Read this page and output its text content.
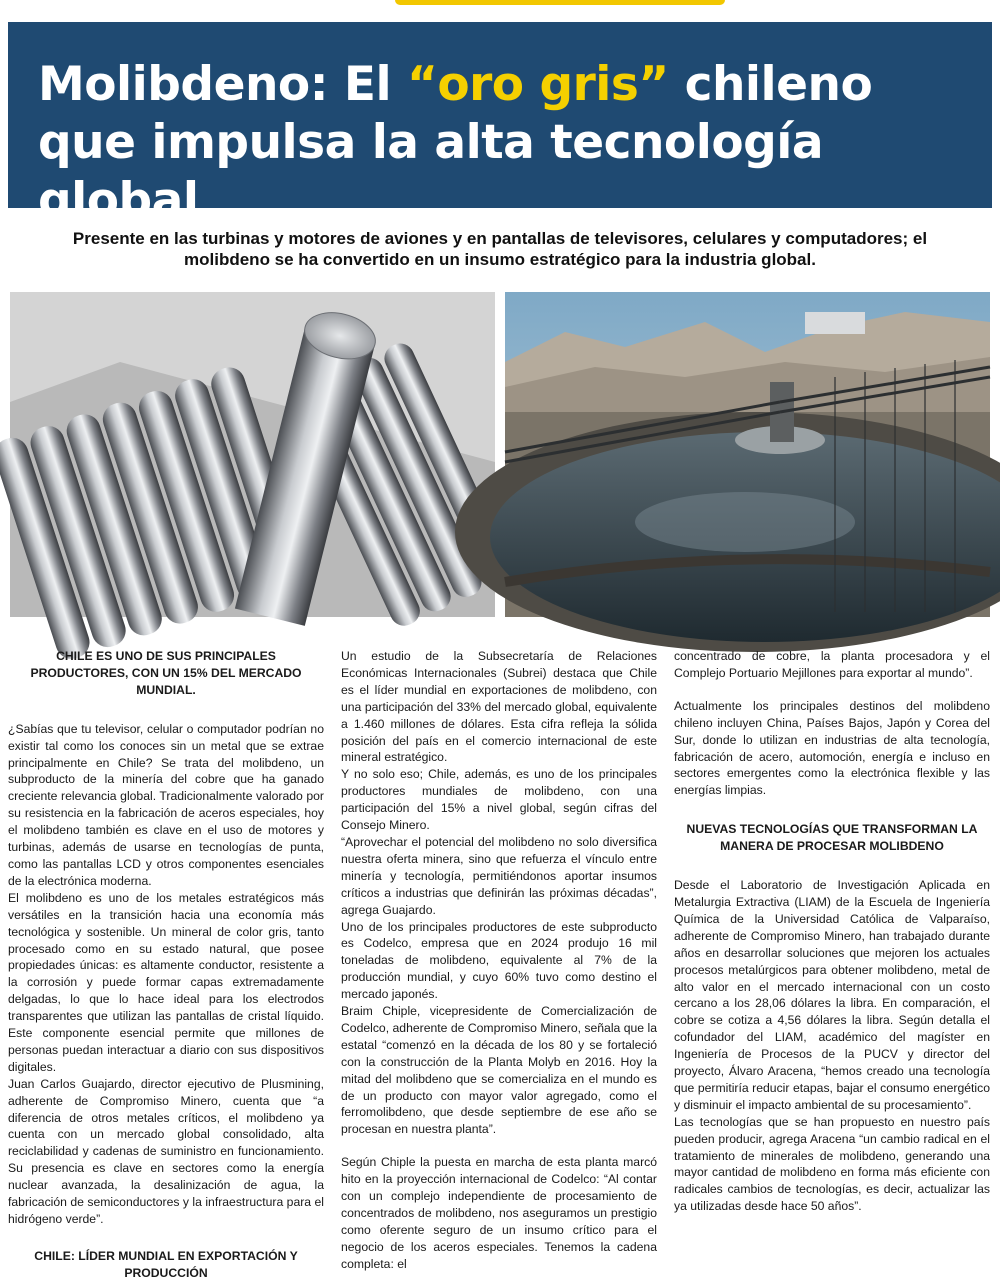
Molibdeno: El “oro gris” chileno que impulsa la alta tecnología global

Presente en las turbinas y motores de aviones y en pantallas de televisores, celulares y computadores; el molibdeno se ha convertido en un insumo estratégico para la industria global.

CHILE ES UNO DE SUS PRINCIPALES PRODUCTORES, CON UN 15% DEL MERCADO MUNDIAL.

¿Sabías que tu televisor, celular o computador podrían no existir tal como los conoces sin un metal que se extrae principalmente en Chile? Se trata del molibdeno, un subproducto de la minería del cobre que ha ganado creciente relevancia global. Tradicionalmente valorado por su resistencia en la fabricación de aceros especiales, hoy el molibdeno también es clave en el uso de motores y turbinas, además de usarse en tecnologías de punta, como las pantallas LCD y otros componentes esenciales de la electrónica moderna.

El molibdeno es uno de los metales estratégicos más versátiles en la transición hacia una economía más tecnológica y sostenible. Un mineral de color gris, tanto procesado como en su estado natural, que posee propiedades únicas: es altamente conductor, resistente a la corrosión y puede formar capas extremadamente delgadas, lo que lo hace ideal para los electrodos transparentes que utilizan las pantallas de cristal líquido. Este componente esencial permite que millones de personas puedan interactuar a diario con sus dispositivos digitales.

Juan Carlos Guajardo, director ejecutivo de Plusmining, adherente de Compromiso Minero, cuenta que “a diferencia de otros metales críticos, el molibdeno ya cuenta con un mercado global consolidado, alta reciclabilidad y cadenas de suministro en funcionamiento. Su presencia es clave en sectores como la energía nuclear avanzada, la desalinización de agua, la fabricación de semiconductores y la infraestructura para el hidrógeno verde”.

CHILE: LÍDER MUNDIAL EN EXPORTACIÓN Y PRODUCCIÓN

Un estudio de la Subsecretaría de Relaciones Económicas Internacionales (Subrei) destaca que Chile es el líder mundial en exportaciones de molibdeno, con una participación del 33% del mercado global, equivalente a 1.460 millones de dólares. Esta cifra refleja la sólida posición del país en el comercio internacional de este mineral estratégico.

Y no solo eso; Chile, además, es uno de los principales productores mundiales de molibdeno, con una participación del 15% a nivel global, según cifras del Consejo Minero.

“Aprovechar el potencial del molibdeno no solo diversifica nuestra oferta minera, sino que refuerza el vínculo entre minería y tecnología, permitiéndonos aportar insumos críticos a industrias que definirán las próximas décadas”, agrega Guajardo.

Uno de los principales productores de este subproducto es Codelco, empresa que en 2024 produjo 16 mil toneladas de molibdeno, equivalente al 7% de la producción mundial, y cuyo 60% tuvo como destino el mercado japonés.

Braim Chiple, vicepresidente de Comercialización de Codelco, adherente de Compromiso Minero, señala que la estatal “comenzó en la década de los 80 y se fortaleció con la construcción de la Planta Molyb en 2016. Hoy la mitad del molibdeno que se comercializa en el mundo es de un producto con mayor valor agregado, como el ferromolibdeno, que desde septiembre de ese año se procesan en nuestra planta”.

Según Chiple la puesta en marcha de esta planta marcó hito en la proyección internacional de Codelco: “Al contar con un complejo independiente de procesamiento de concentrados de molibdeno, nos aseguramos un prestigio como oferente seguro de un insumo crítico para el negocio de los aceros especiales. Tenemos la cadena completa: el

concentrado de cobre, la planta procesadora y el Complejo Portuario Mejillones para exportar al mundo”.

Actualmente los principales destinos del molibdeno chileno incluyen China, Países Bajos, Japón y Corea del Sur, donde lo utilizan en industrias de alta tecnología, fabricación de acero, automoción, energía e incluso en sectores emergentes como la electrónica flexible y las energías limpias.

NUEVAS TECNOLOGÍAS QUE TRANSFORMAN LA MANERA DE PROCESAR MOLIBDENO

Desde el Laboratorio de Investigación Aplicada en Metalurgia Extractiva (LIAM) de la Escuela de Ingeniería Química de la Universidad Católica de Valparaíso, adherente de Compromiso Minero, han trabajado durante años en desarrollar soluciones que mejoren los actuales procesos metalúrgicos para obtener molibdeno, metal de alto valor en el mercado internacional con un costo cercano a los 28,06 dólares la libra. En comparación, el cobre se cotiza a 4,56 dólares la libra. Según detalla el cofundador del LIAM, académico del magíster en Ingeniería de Procesos de la PUCV y director del proyecto, Álvaro Aracena, “hemos creado una tecnología que permitiría reducir etapas, bajar el consumo energético y disminuir el impacto ambiental de su procesamiento”.

Las tecnologías que se han propuesto en nuestro país pueden producir, agrega Aracena “un cambio radical en el tratamiento de minerales de molibdeno, generando una mayor cantidad de molibdeno en forma más eficiente con radicales cambios de tecnologías, es decir, actualizar las ya utilizadas desde hace 50 años”.
